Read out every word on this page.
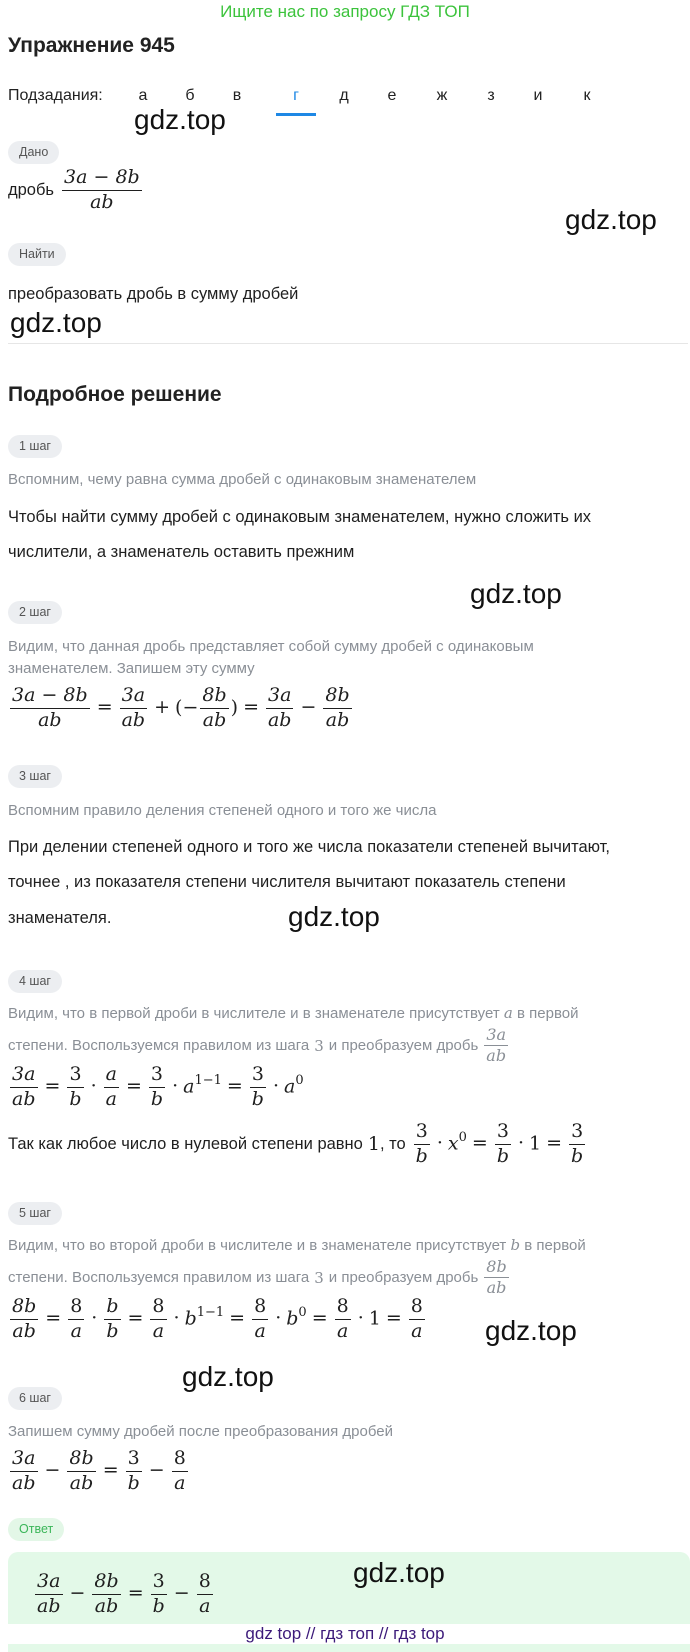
Ищите нас по запросу ГДЗ ТОП
Упражнение 945
Подзадания:	а	б	в	г	д	е	ж	з	и	к
gdz.top
gdz.top
gdz.top
gdz.top
gdz.top
gdz.top
gdz.top
gdz.top
Дано
дробь $\frac{3a - 8b}{ab}$
Найти
преобразовать дробь в сумму дробей
Подробное решение
1 шаг
Вспомним, чему равна сумма дробей с одинаковым знаменателем
Чтобы найти сумму дробей с одинаковым знаменателем, нужно сложить их
числители, а знаменатель оставить прежним
2 шаг
Видим, что данная дробь представляет собой сумму дробей с одинаковым
знаменателем. Запишем эту сумму
$\frac{3a - 8b}{ab} = \frac{3a}{ab}$ + (− $\frac{8b}{ab}$ ) = $\frac{3a}{ab} - \frac{8b}{ab}$
3 шаг
Вспомним правило деления степеней одного и того же числа
При делении степеней одного и того же числа показатели степеней вычитают,
точнее , из показателя степени числителя вычитают показатель степени
знаменателя.
4 шаг
Видим, что в первой дроби в числителе и в знаменателе присутствует a в первой
степени. Воспользуемся правилом из шага 3 и преобразуем дробь $\frac{3a}{ab}$
$\frac{3a}{ab} = \frac{3}{b} \cdot \frac{a}{a} = \frac{3}{b} \cdot a^{1-1} = \frac{3}{b} \cdot a^0$
Так как любое число в нулевой степени равно 1 , то $\frac{3}{b} \cdot x^0 = \frac{3}{b} \cdot 1 = \frac{3}{b}$
5 шаг
Видим, что во второй дроби в числителе и в знаменателе присутствует b в первой
степени. Воспользуемся правилом из шага 3 и преобразуем дробь $\frac{8b}{ab}$
$\frac{8b}{ab} = \frac{8}{a} \cdot \frac{b}{b} = \frac{8}{a} \cdot b^{1-1} = \frac{8}{a} \cdot b^0 = \frac{8}{a} \cdot 1 = \frac{8}{a}$
6 шаг
Запишем сумму дробей после преобразования дробей
$\frac{3a}{ab} - \frac{8b}{ab} = \frac{3}{b} - \frac{8}{a}$
Ответ
$\frac{3a}{ab} - \frac{8b}{ab} = \frac{3}{b} - \frac{8}{a}$
gdz top // гдз топ // гдз top
